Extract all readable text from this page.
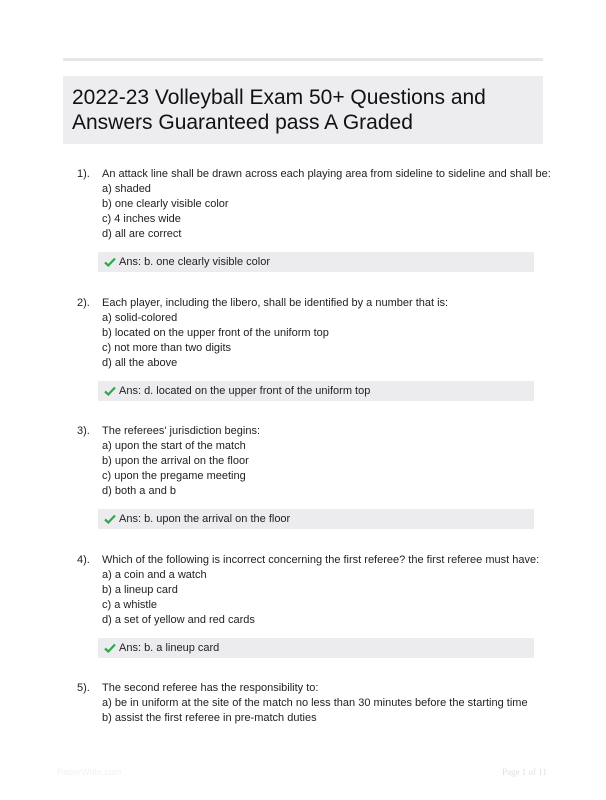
2022-23 Volleyball Exam 50+ Questions and Answers Guaranteed pass A Graded
1). An attack line shall be drawn across each playing area from sideline to sideline and shall be:
a) shaded
b) one clearly visible color
c) 4 inches wide
d) all are correct
Ans: b. one clearly visible color
2). Each player, including the libero, shall be identified by a number that is:
a) solid-colored
b) located on the upper front of the uniform top
c) not more than two digits
d) all the above
Ans: d. located on the upper front of the uniform top
3). The referees' jurisdiction begins:
a) upon the start of the match
b) upon the arrival on the floor
c) upon the pregame meeting
d) both a and b
Ans: b. upon the arrival on the floor
4). Which of the following is incorrect concerning the first referee? the first referee must have:
a) a coin and a watch
b) a lineup card
c) a whistle
d) a set of yellow and red cards
Ans: b. a lineup card
5). The second referee has the responsibility to:
a) be in uniform at the site of the match no less than 30 minutes before the starting time
b) assist the first referee in pre-match duties
PaperWrite.com	Page 1 of 11
